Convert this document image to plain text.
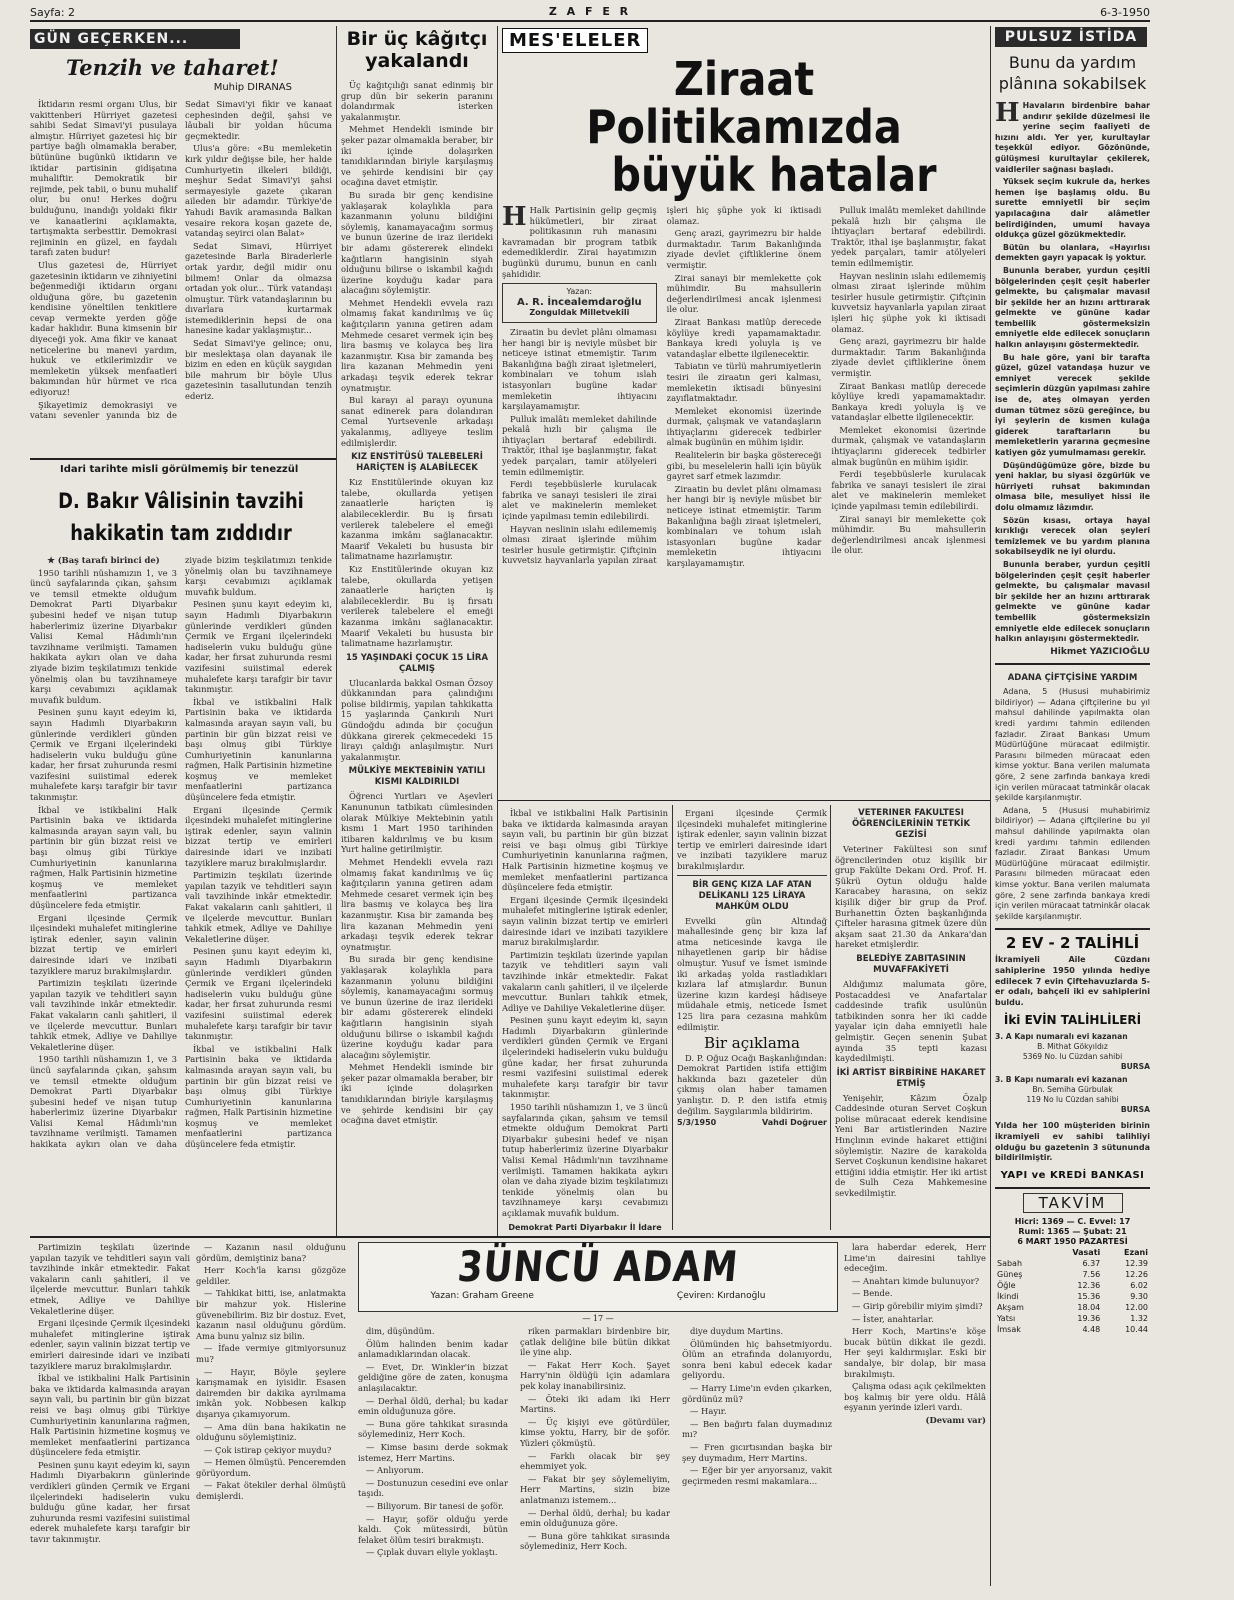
Sayfa: 2	Z A F E R	6-3-1950
GÜN GEÇERKEN...
Tenzih ve taharet!
Muhip DIRANAS

İktidarın resmi organı Ulus, bir vakittenberi Hürriyet gazetesi sahibi Sedat Simavi'yi pusulaya almıştır. Hürriyet gazetesi hiç bir partiye bağlı olmamakla beraber, bütününe bugünkü iktidarın ve iktidar partisinin gidişatına muhaliftir. Demokratik bir rejimde, pek tabii, o bunu muhalif olur, bu onu! Herkes doğru bulduğunu, inandığı yoldaki fikir ve kanaatlerini açıklamakta, tartışmakta serbesttir. Demokrasi rejiminin en güzel, en faydalı tarafı zaten budur!

Ulus gazetesi de, Hürriyet gazetesinin iktidarın ve zihniyetini beğenmediği iktidarın organı olduğuna göre, bu gazetenin kendisine yöneltilen tenkitlere cevap vermekte yerden göğe kadar haklıdır. Buna kimsenin bir diyeceği yok. Ama fikir ve kanaat neticelerine bu manevi yardım, hukuk ve etkilerimizdir ve memleketin yüksek menfaatleri bakımından hür hürmet ve rica ediyoruz!

Şikayetimiz demokrasiyi ve vatanı sevenler yanında biz de Sedat Simavi'yi fikir ve kanaat cephesinden değil, şahsi ve lâubali bir yoldan hücuma geçmektedir.

Ulus'a göre: «Bu memleketin kırk yıldır değişse bile, her halde Cumhuriyetin ilkeleri bildiği, meşhur Sedat Simavi'yi şahsi sermayesiyle gazete çıkaran aileden bir adamdır. Türkiye'de Yahudi Bavik aramasında Balkan vesaire rekora koşan gazete de, vatandaş seyirci olan Balat»

Sedat Simavi, Hürriyet gazetesinde Barla Biraderlerle ortak yardır, değil midir onu bilmem! Onlar da olmazsa ortadan yok olur... Türk vatandaşı olmuştur. Türk vatandaşlarının bu dıvarlara kurtarmak istemediklerinin hepsi de ona hanesine kadar yaklaşmıştır...

Sedat Simavi'ye gelince; onu, bir meslektaşa olan dayanak ile bizim en eden en küçük saygıdan bile mahrum bir böyle Ulus gazetesinin tasallutundan tenzih ederiz.

İdari tarihte misli görülmemiş bir tenezzül
D. Bakır Vâlisinin tavzihi
hakikatin tam zıddıdır

★ (Baş tarafı birinci de)

1950 tarihli nüshamızın 1, ve 3 üncü sayfalarında çıkan, şahsım ve temsil etmekte olduğum Demokrat Parti Diyarbakır şubesini hedef ve nişan tutup haberlerimiz üzerine Diyarbakır Valisi Kemal Hâdımlı'nın tavzihname verilmişti. Tamamen hakikata aykırı olan ve daha ziyade bizim teşkilatımızı tenkide yönelmiş olan bu tavzihnameye karşı cevabımızı açıklamak muvafık buldum.

Pesinen şunu kayıt edeyim ki, sayın Hadımlı Diyarbakırın günlerinde verdikleri günden Çermik ve Ergani ilçelerindeki hadiselerin vuku bulduğu güne kadar, her fırsat zuhurunda resmi vazifesini suiistimal ederek muhalefete karşı tarafgir bir tavır takınmıştır.

İkbal ve istikbalini Halk Partisinin baka ve iktidarda kalmasında arayan sayın vali, bu partinin bir gün bizzat reisi ve başı olmuş gibi Türkiye Cumhuriyetinin kanunlarına rağmen, Halk Partisinin hizmetine koşmuş ve memleket menfaatlerini partizanca düşüncelere feda etmiştir.

Ergani ilçesinde Çermik ilçesindeki muhalefet mitinglerine iştirak edenler, sayın valinin bizzat tertip ve emirleri dairesinde idari ve inzibati tazyiklere maruz bırakılmışlardır.

Partimizin teşkilatı üzerinde yapılan tazyik ve tehditleri sayın vali tavzihinde inkâr etmektedir. Fakat vakaların canlı şahitleri, il ve ilçelerde mevcuttur. Bunları tahkik etmek, Adliye ve Dahiliye Vekaletlerine düşer.

1950 tarihli nüshamızın 1, ve 3 üncü sayfalarında çıkan, şahsım ve temsil etmekte olduğum Demokrat Parti Diyarbakır şubesini hedef ve nişan tutup haberlerimiz üzerine Diyarbakır Valisi Kemal Hâdımlı'nın tavzihname verilmişti. Tamamen hakikata aykırı olan ve daha ziyade bizim teşkilatımızı tenkide yönelmiş olan bu tavzihnameye karşı cevabımızı açıklamak muvafık buldum.

Pesinen şunu kayıt edeyim ki, sayın Hadımlı Diyarbakırın günlerinde verdikleri günden Çermik ve Ergani ilçelerindeki hadiselerin vuku bulduğu güne kadar, her fırsat zuhurunda resmi vazifesini suiistimal ederek muhalefete karşı tarafgir bir tavır takınmıştır.

İkbal ve istikbalini Halk Partisinin baka ve iktidarda kalmasında arayan sayın vali, bu partinin bir gün bizzat reisi ve başı olmuş gibi Türkiye Cumhuriyetinin kanunlarına rağmen, Halk Partisinin hizmetine koşmuş ve memleket menfaatlerini partizanca düşüncelere feda etmiştir.

Ergani ilçesinde Çermik ilçesindeki muhalefet mitinglerine iştirak edenler, sayın valinin bizzat tertip ve emirleri dairesinde idari ve inzibati tazyiklere maruz bırakılmışlardır.

Partimizin teşkilatı üzerinde yapılan tazyik ve tehditleri sayın vali tavzihinde inkâr etmektedir. Fakat vakaların canlı şahitleri, il ve ilçelerde mevcuttur. Bunları tahkik etmek, Adliye ve Dahiliye Vekaletlerine düşer.

Pesinen şunu kayıt edeyim ki, sayın Hadımlı Diyarbakırın günlerinde verdikleri günden Çermik ve Ergani ilçelerindeki hadiselerin vuku bulduğu güne kadar, her fırsat zuhurunda resmi vazifesini suiistimal ederek muhalefete karşı tarafgir bir tavır takınmıştır.

İkbal ve istikbalini Halk Partisinin baka ve iktidarda kalmasında arayan sayın vali, bu partinin bir gün bizzat reisi ve başı olmuş gibi Türkiye Cumhuriyetinin kanunlarına rağmen, Halk Partisinin hizmetine koşmuş ve memleket menfaatlerini partizanca düşüncelere feda etmiştir.

Bir üç kâğıtçı
yakalandı

Üç kağıtçılığı sanat edinmiş bir grup dün bir sekerin paranını dolandırmak isterken yakalanmıştır.

Mehmet Hendekli isminde bir şeker pazar olmamakla beraber, bir iki içinde dolaşırken tanıdıklarından biriyle karşılaşmış ve şehirde kendisini bir çay ocağına davet etmiştir.

Bu sırada bir genç kendisine yaklaşarak kolaylıkla para kazanmanın yolunu bildiğini söylemiş, kanamayacağını sormuş ve bunun üzerine de iraz ilerideki bir adamı göstererek elindeki kağıtların hangisinin siyah olduğunu bilirse o iskambil kağıdı üzerine koyduğu kadar para alacağını söylemiştir.

Mehmet Hendekli evvela razı olmamış fakat kandırılmış ve üç kağıtçıların yanına getiren adam Mehmede cesaret vermek için beş lira basmış ve kolayca beş lira kazanmıştır. Kısa bir zamanda beş lira kazanan Mehmedin yeni arkadaşı teşvik ederek tekrar oynatmıştır.

Bul karayı al parayı oyununa sanat edinerek para dolandıran Cemal Yurtsevenle arkadaşı yakalanmış, adliyeye teslim edilmişlerdir.

KIZ ENSTİTÜSÜ TALEBELERİ HARİÇTEN İŞ ALABİLECEK

Kız Enstitülerinde okuyan kız talebe, okullarda yetişen zanaatlerle hariçten iş alabileceklerdir. Bu iş fırsatı verilerek talebelere el emeği kazanma imkânı sağlanacaktır. Maarif Vekaleti bu hususta bir talimatname hazırlamıştır.

Kız Enstitülerinde okuyan kız talebe, okullarda yetişen zanaatlerle hariçten iş alabileceklerdir. Bu iş fırsatı verilerek talebelere el emeği kazanma imkânı sağlanacaktır. Maarif Vekaleti bu hususta bir talimatname hazırlamıştır.

15 YAŞINDAKİ ÇOCUK 15 LİRA ÇALMIŞ

Ulucanlarda bakkal Osman Özsoy dükkanından para çalındığını polise bildirmiş, yapılan tahkikatta 15 yaşlarında Çankırılı Nuri Gündoğdu adında bir çocuğun dükkana girerek çekmecedeki 15 lirayı çaldığı anlaşılmıştır. Nuri yakalanmıştır.

MÜLKİYE MEKTEBİNİN YATILI KISMI KALDIRILDI

Öğrenci Yurtları ve Aşevleri Kanununun tatbikatı cümlesinden olarak Mülkiye Mektebinin yatılı kısmı 1 Mart 1950 tarihinden itibaren kaldırılmış ve bu kısım Yurt haline getirilmiştir.

Mehmet Hendekli evvela razı olmamış fakat kandırılmış ve üç kağıtçıların yanına getiren adam Mehmede cesaret vermek için beş lira basmış ve kolayca beş lira kazanmıştır. Kısa bir zamanda beş lira kazanan Mehmedin yeni arkadaşı teşvik ederek tekrar oynatmıştır.

Bu sırada bir genç kendisine yaklaşarak kolaylıkla para kazanmanın yolunu bildiğini söylemiş, kanamayacağını sormuş ve bunun üzerine de iraz ilerideki bir adamı göstererek elindeki kağıtların hangisinin siyah olduğunu bilirse o iskambil kağıdı üzerine koyduğu kadar para alacağını söylemiştir.

Mehmet Hendekli isminde bir şeker pazar olmamakla beraber, bir iki içinde dolaşırken tanıdıklarından biriyle karşılaşmış ve şehirde kendisini bir çay ocağına davet etmiştir.

MES'ELELER
Ziraat Politikamızda
büyük hatalar

H Halk Partisinin gelip geçmiş hükümetleri, bir ziraat politikasının ruh manasını kavramadan bir program tatbik edemediklerdir. Zirai hayatımızın bugünkü durumu, bunun en canlı şahididir.

Yazan:
A. R. İncealemdaroğlu
Zonguldak Milletvekili

Ziraatin bu devlet plânı olmaması her hangi bir iş neviyle müsbet bir neticeye istinat etmemiştir. Tarım Bakanlığına bağlı ziraat işletmeleri, kombinaları ve tohum ıslah istasyonları bugüne kadar memleketin ihtiyacını karşılayamamıştır.

Pulluk imalâtı memleket dahilinde pekalâ hızlı bir çalışma ile ihtiyaçları bertaraf edebilirdi. Traktör, ithal işe başlanmıştır, fakat yedek parçaları, tamir atölyeleri temin edilmemiştir.

Ferdi teşebbüslerle kurulacak fabrika ve sanayi tesisleri ile zirai alet ve makinelerin memleket içinde yapılması temin edilebilirdi.

Hayvan neslinin ıslahı edilememiş olması ziraat işlerinde mühim tesirler husule getirmiştir. Çiftçinin kuvvetsiz hayvanlarla yapılan ziraat işleri hiç şüphe yok ki iktisadi olamaz.

Genç arazi, gayrimezru bir halde durmaktadır. Tarım Bakanlığında ziyade devlet çiftliklerine önem vermiştir.

Zirai sanayi bir memlekette çok mühimdir. Bu mahsullerin değerlendirilmesi ancak işlenmesi ile olur.

Ziraat Bankası matlûp derecede köylüye kredi yapamamaktadır. Bankaya kredi yoluyla iş ve vatandaşlar elbette ilgilenecektir.

Tabiatın ve türlü mahrumiyetlerin tesiri ile ziraatın geri kalması, memleketin iktisadi bünyesini zayıflatmaktadır.

Memleket ekonomisi üzerinde durmak, çalışmak ve vatandaşların ihtiyaçlarını giderecek tedbirler almak bugünün en mühim işidir.

Realitelerin bir başka göstereceği gibi, bu meselelerin halli için büyük gayret sarf etmek lazımdır.

Ziraatin bu devlet plânı olmaması her hangi bir iş neviyle müsbet bir neticeye istinat etmemiştir. Tarım Bakanlığına bağlı ziraat işletmeleri, kombinaları ve tohum ıslah istasyonları bugüne kadar memleketin ihtiyacını karşılayamamıştır.

Pulluk imalâtı memleket dahilinde pekalâ hızlı bir çalışma ile ihtiyaçları bertaraf edebilirdi. Traktör, ithal işe başlanmıştır, fakat yedek parçaları, tamir atölyeleri temin edilmemiştir.

Hayvan neslinin ıslahı edilememiş olması ziraat işlerinde mühim tesirler husule getirmiştir. Çiftçinin kuvvetsiz hayvanlarla yapılan ziraat işleri hiç şüphe yok ki iktisadi olamaz.

Genç arazi, gayrimezru bir halde durmaktadır. Tarım Bakanlığında ziyade devlet çiftliklerine önem vermiştir.

Ziraat Bankası matlûp derecede köylüye kredi yapamamaktadır. Bankaya kredi yoluyla iş ve vatandaşlar elbette ilgilenecektir.

Memleket ekonomisi üzerinde durmak, çalışmak ve vatandaşların ihtiyaçlarını giderecek tedbirler almak bugünün en mühim işidir.

Ferdi teşebbüslerle kurulacak fabrika ve sanayi tesisleri ile zirai alet ve makinelerin memleket içinde yapılması temin edilebilirdi.

Zirai sanayi bir memlekette çok mühimdir. Bu mahsullerin değerlendirilmesi ancak işlenmesi ile olur.

İkbal ve istikbalini Halk Partisinin baka ve iktidarda kalmasında arayan sayın vali, bu partinin bir gün bizzat reisi ve başı olmuş gibi Türkiye Cumhuriyetinin kanunlarına rağmen, Halk Partisinin hizmetine koşmuş ve memleket menfaatlerini partizanca düşüncelere feda etmiştir.

Ergani ilçesinde Çermik ilçesindeki muhalefet mitinglerine iştirak edenler, sayın valinin bizzat tertip ve emirleri dairesinde idari ve inzibati tazyiklere maruz bırakılmışlardır.

Partimizin teşkilatı üzerinde yapılan tazyik ve tehditleri sayın vali tavzihinde inkâr etmektedir. Fakat vakaların canlı şahitleri, il ve ilçelerde mevcuttur. Bunları tahkik etmek, Adliye ve Dahiliye Vekaletlerine düşer.

Pesinen şunu kayıt edeyim ki, sayın Hadımlı Diyarbakırın günlerinde verdikleri günden Çermik ve Ergani ilçelerindeki hadiselerin vuku bulduğu güne kadar, her fırsat zuhurunda resmi vazifesini suiistimal ederek muhalefete karşı tarafgir bir tavır takınmıştır.

1950 tarihli nüshamızın 1, ve 3 üncü sayfalarında çıkan, şahsım ve temsil etmekte olduğum Demokrat Parti Diyarbakır şubesini hedef ve nişan tutup haberlerimiz üzerine Diyarbakır Valisi Kemal Hâdımlı'nın tavzihname verilmişti. Tamamen hakikata aykırı olan ve daha ziyade bizim teşkilatımızı tenkide yönelmiş olan bu tavzihnameye karşı cevabımızı açıklamak muvafık buldum.

Demokrat Parti Diyarbakır İl İdare

Ergani ilçesinde Çermik ilçesindeki muhalefet mitinglerine iştirak edenler, sayın valinin bizzat tertip ve emirleri dairesinde idari ve inzibati tazyiklere maruz bırakılmışlardır.

BİR GENÇ KIZA LAF ATAN DELİKANLI 125 LİRAYA MAHKÛM OLDU

Evvelki gün Altındağ mahallesinde genç bir kıza laf atma neticesinde kavga ile nihayetlenen garip bir hâdise olmuştur. Yusuf ve İsmet isminde iki arkadaş yolda rastladıkları kızlara laf atmışlardır. Bunun üzerine kızın kardeşi hâdiseye müdahale etmiş, neticede İsmet 125 lira para cezasına mahkûm edilmiştir.

Bir açıklama

D. P. Oğuz Ocağı Başkanlığından: Demokrat Partiden istifa ettiğim hakkında bazı gazeteler dün çıkmış olan haber tamamen yanlıştır. D. P. den istifa etmiş değilim. Saygılarımla bildiririm.

5/3/1950	Vahdi Doğruer
VETERİNER FAKÜLTESİ ÖĞRENCİLERİNİN TETKİK GEZİSİ

Veteriner Fakültesi son sınıf öğrencilerinden otuz kişilik bir grup Fakülte Dekanı Ord. Prof. H. Şükrü Oytun olduğu halde Karacabey harasına, on sekiz kişilik diğer bir grup da Prof. Burhanettin Özten başkanlığında Çifteler harasına gitmek üzere dün akşam saat 21.30 da Ankara'dan hareket etmişlerdir.

BELEDİYE ZABITASININ MUVAFFAKİYETİ

Aldığımız malumata göre, Postacaddesi ve Anafartalar caddesinde trafik usulünün tatbikinden sonra her iki cadde yayalar için daha emniyetli hale gelmiştir. Geçen senenin Şubat ayında 35 tepti kazası kaydedilmişti.

İKİ ARTİST BİRBİRİNE HAKARET ETMİŞ

Yenişehir, Kâzım Özalp Caddesinde oturan Servet Coşkun polise müracaat ederek kendisine Yeni Bar artistlerinden Nazire Hınçlının evinde hakaret ettiğini söylemiştir. Nazire de karakolda Servet Coşkunun kendisine hakaret ettiğini iddia etmiştir. Her iki artist de Sulh Ceza Mahkemesine sevkedilmiştir.

PULSUZ İSTİDA
Bunu da yardım
plânına sokabilsek

H Havaların birdenbire bahar andırır şekilde düzelmesi ile yerine seçim faaliyeti de hızını aldı. Yer yer, kurultaylar teşekkül ediyor. Gözönünde, gülüşmesi kurultaylar çekilerek, vaidleriler sağnası başladı.

Yüksek seçim kukrule da, herkes hemen işe başlamış oldu. Bu surette emniyetli bir seçim yapılacağına dair alâmetler belirdiğinden, umumi havaya oldukça güzel gözükmektedir.

Bütün bu olanlara, «Hayırlısı demekten gayrı yapacak iş yoktur.

Bununla beraber, yurdun çeşitli bölgelerinden çeşit çeşit haberler gelmekte, bu çalışmalar mavasıl bir şekilde her an hızını arttırarak gelmekte ve gününe kadar tembellik göstermeksizin emniyetle elde edilecek sonuçların halkın anlayışını göstermektedir.

Bu hale göre, yani bir tarafta güzel, güzel vatandaşa huzur ve emniyet verecek şekilde seçimlerin düzgün yapılması zahire ise de, ateş olmayan yerden duman tütmez sözü gereğince, bu iyi şeylerin de kısmen kulağa giderek taraftarların bu memleketlerin yararına geçmesine katiyen göz yumulmaması gerekir.

Düşündüğümüze göre, bizde bu yeni haklar, bu siyasi özgürlük ve hürriyeti ruhsat bakımından olmasa bile, mesuliyet hissi ile dolu olmamız lâzımdır.

Sözün kısası, ortaya hayal kırıklığı verecek olan şeyleri temizlemek ve bu yardım planına sokabilseydik ne iyi olurdu.

Bununla beraber, yurdun çeşitli bölgelerinden çeşit çeşit haberler gelmekte, bu çalışmalar mavasıl bir şekilde her an hızını arttırarak gelmekte ve gününe kadar tembellik göstermeksizin emniyetle elde edilecek sonuçların halkın anlayışını göstermektedir.

Hikmet YAZICIOĞLU
ADANA ÇİFTÇİSİNE YARDIM

Adana, 5 (Hususi muhabirimiz bildiriyor) — Adana çiftçilerine bu yıl mahsul dahilinde yapılmakta olan kredi yardımı tahmin edilenden fazladır. Ziraat Bankası Umum Müdürlüğüne müracaat edilmiştir. Parasını bilmeden müracaat eden kimse yoktur. Bana verilen malumata göre, 2 sene zarfında bankaya kredi için verilen müracaat tatminkâr olacak şekilde karşılanmıştır.

Adana, 5 (Hususi muhabirimiz bildiriyor) — Adana çiftçilerine bu yıl mahsul dahilinde yapılmakta olan kredi yardımı tahmin edilenden fazladır. Ziraat Bankası Umum Müdürlüğüne müracaat edilmiştir. Parasını bilmeden müracaat eden kimse yoktur. Bana verilen malumata göre, 2 sene zarfında bankaya kredi için verilen müracaat tatminkâr olacak şekilde karşılanmıştır.

2 EV - 2 TALİHLİ
İkramiyeli Aile Cüzdanı sahiplerine 1950 yılında hediye edilecek 7 evin Çiftehavuzlarda 5-er odalı, bahçeli iki ev sahiplerini buldu.
İki EVİN TALİHLİLERİ
3. A Kapı numaralı evi kazanan
B. Mithat Gökyıldız
5369 No. lu Cüzdan sahibi
BURSA
3. B Kapı numaralı evi kazanan
Bn. Semiha Gürbulak
119 No lu Cüzdan sahibi
BURSA
Yılda her 100 müşteriden birinin ikramiyeli ev sahibi talihliyi olduğu bu gazetenin 3 sütununda bildirilmiştir.
YAPI ve KREDİ BANKASI
TAKVİM
Hicri: 1369 — C. Evvel: 17
Rumi: 1365 — Şubat: 21
6 MART 1950 PAZARTESİ
	Vasati	Ezani
Sabah	6.37	12.39
Güneş	7.56	12.26
Öğle	12.36	6.02
İkindi	15.36	9.30
Akşam	18.04	12.00
Yatsı	19.36	1.32
İmsak	4.48	10.44

— Kazanın nasıl olduğunu gördüm, demiştiniz bana?

Herr Koch'la karısı gözgöze geldiler.

— Tahkikat bitti, ise, anlatmakta bir mahzur yok. Hislerine güvenebilirim. Biz bir dostuz. Evet, kazanın nasıl olduğunu gördüm. Ama bunu yalnız siz bilin.

— İfade vermiye gitmiyorsunuz mu?

— Hayır, Böyle şeylere karışmamak en iyisidir. Esasen dairemden bir dakika ayrılmama imkân yok. Nobbesen kalkıp dışarıya çıkamıyorum.

— Ama dün bana hakikatin ne olduğunu söylemiştiniz.

— Çok istirap çekiyor muydu?

— Hemen ölmüştü. Penceremden görüyordum.

— Fakat ötekiler derhal ölmüştü demişlerdi.

3ÜNCÜ ADAM
Yazan: Graham Greene	Çeviren: Kırdanoğlu
— 17 —

dim, düşündüm.

Ölüm halinden benim kadar anlamadıklarından olacak.

— Evet, Dr. Winkler'in bizzat geldiğine göre de zaten, konuşma anlaşılacaktır.

— Derhal öldü, derhal; bu kadar emin olduğunuza göre.

— Buna göre tahkikat sırasında söylemediniz, Herr Koch.

— Kimse basını derde sokmak istemez, Herr Martins.

— Anlıyorum.

— Dostunuzun cesedini eve onlar taşıdı.

— Biliyorum. Bir tanesi de şoför.

— Hayır, şoför olduğu yerde kaldı. Çok mütessirdi, bütün felaket ölüm tesiri bırakmıştı.

— Çıplak duvarı eliyle yoklaştı.

riken parmakları birdenbire bir, çatlak deliğine bile bütün dikkat ile yine alıp.

— Fakat Herr Koch. Şayet Harry'nin öldüğü için adamlara pek kolay inanabilirsiniz.

— Öteki iki adam iki Herr Martins.

— Üç kişiyi eve götürdüler, kimse yoktu, Harry, bir de şoför. Yüzleri çökmüştü.

— Farklı olacak bir şey ehemmiyet yok.

— Fakat bir şey söylemeliyim, Herr Martins, sizin bize anlatmanızı istemem...

— Derhal öldü, derhal; bu kadar emin olduğunuza göre.

— Buna göre tahkikat sırasında söylemediniz, Herr Koch.

diye duydum Martins.

Ölümünden hiç bahsetmiyordu. Ölüm an etrafında dolanıyordu, sonra beni kabul edecek kadar geliyordu.

— Harry Lime'ın evden çıkarken, gördünüz mü?

— Hayır.

— Ben bağırtı falan duymadınız mı?

— Fren gıcırtısından başka bir şey duymadım, Herr Martins.

— Eğer bir yer arıyorsanız, vakit geçirmeden resmi makamlara...

lara haberdar ederek, Herr Lime'ın dairesini tahliye edeceğim.

— Anahtarı kimde bulunuyor?

— Bende.

— Girip görebilir miyim şimdi?

— İster, anahtarlar.

Herr Koch, Martins'e köşe bucak bütün dikkat ile gezdi. Her şeyi kaldırmışlar. Eski bir sandalye, bir dolap, bir masa bırakılmıştı.

Çalışma odası açık çekilmekten boş kalmış bir yere oldu. Hâlâ eşyanın yerinde izleri vardı.

(Devamı var)

Partimizin teşkilatı üzerinde yapılan tazyik ve tehditleri sayın vali tavzihinde inkâr etmektedir. Fakat vakaların canlı şahitleri, il ve ilçelerde mevcuttur. Bunları tahkik etmek, Adliye ve Dahiliye Vekaletlerine düşer.

Ergani ilçesinde Çermik ilçesindeki muhalefet mitinglerine iştirak edenler, sayın valinin bizzat tertip ve emirleri dairesinde idari ve inzibati tazyiklere maruz bırakılmışlardır.

İkbal ve istikbalini Halk Partisinin baka ve iktidarda kalmasında arayan sayın vali, bu partinin bir gün bizzat reisi ve başı olmuş gibi Türkiye Cumhuriyetinin kanunlarına rağmen, Halk Partisinin hizmetine koşmuş ve memleket menfaatlerini partizanca düşüncelere feda etmiştir.

Pesinen şunu kayıt edeyim ki, sayın Hadımlı Diyarbakırın günlerinde verdikleri günden Çermik ve Ergani ilçelerindeki hadiselerin vuku bulduğu güne kadar, her fırsat zuhurunda resmi vazifesini suiistimal ederek muhalefete karşı tarafgir bir tavır takınmıştır.
